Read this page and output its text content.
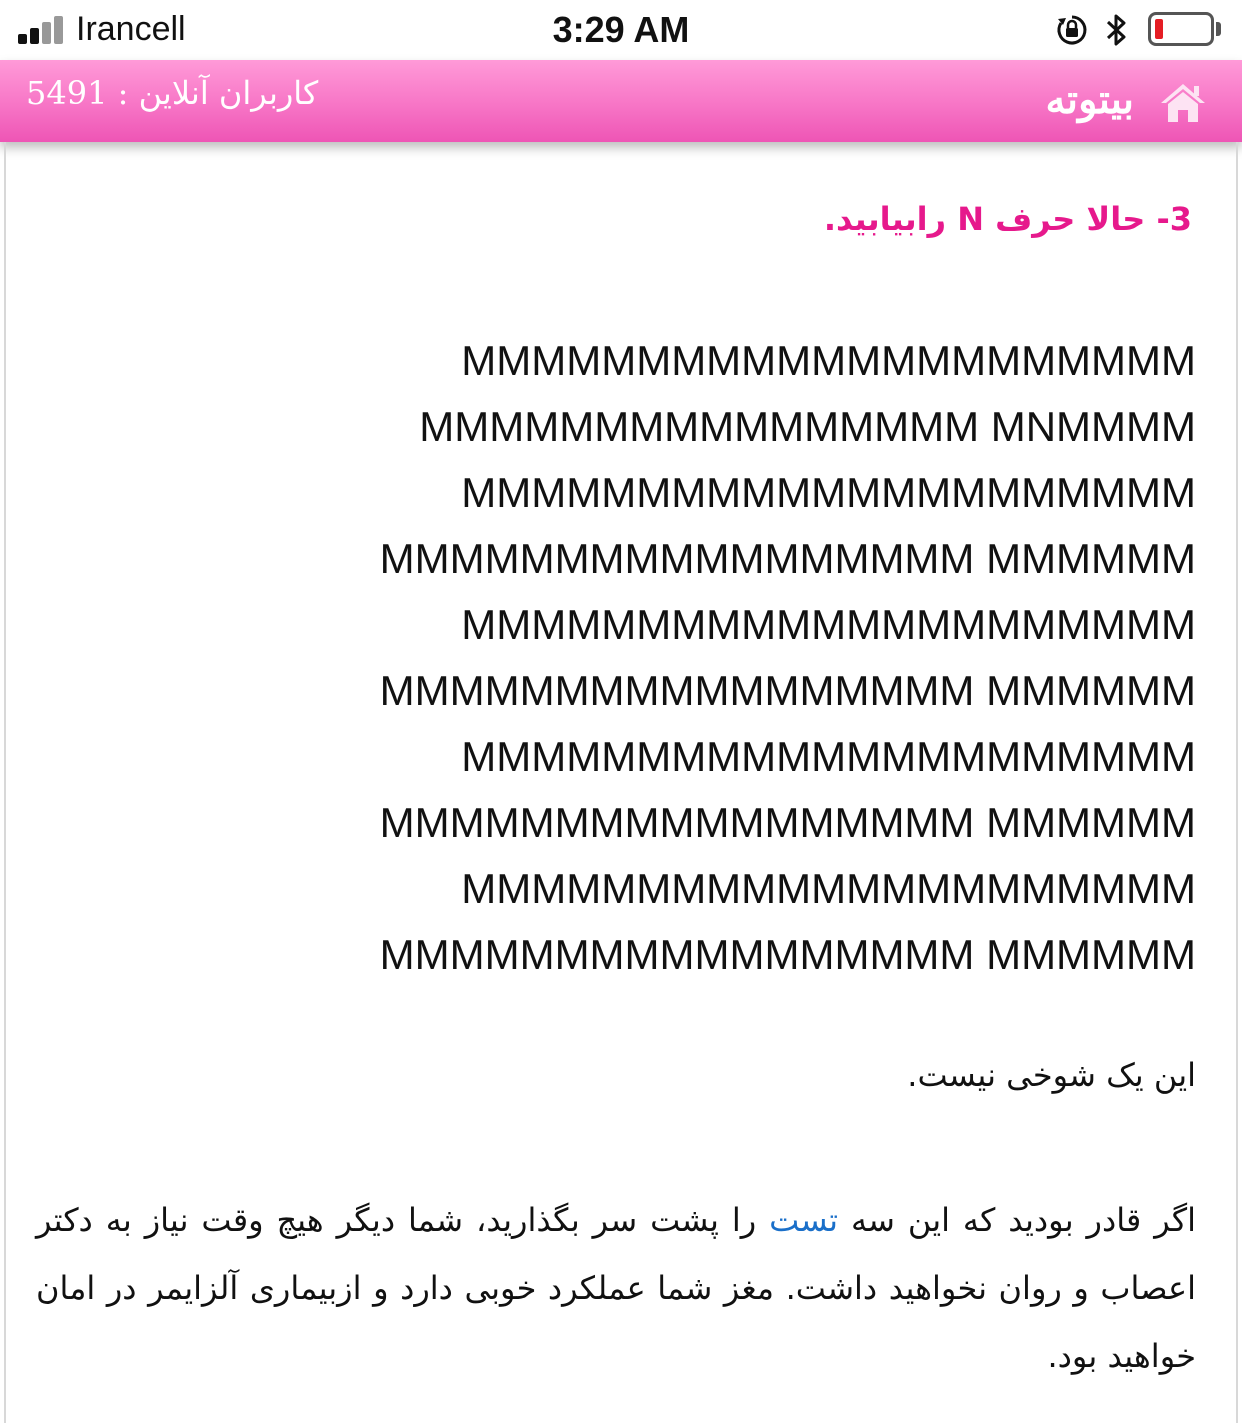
Irancell	3:29 AM
کاربران آنلاین : 5491	بیتوته
3- حالا حرف N رابیابید.
MMMMMMMMMMMMMMMMMMMMM
MMMMMMMMMMMMMMMM MNMMMM
MMMMMMMMMMMMMMMMMMMMM
MMMMMMMMMMMMMMMMM MMMMMM
MMMMMMMMMMMMMMMMMMMMM
MMMMMMMMMMMMMMMMM MMMMMM
MMMMMMMMMMMMMMMMMMMMM
MMMMMMMMMMMMMMMMM MMMMMM
MMMMMMMMMMMMMMMMMMMMM
MMMMMMMMMMMMMMMMM MMMMMM
این یک شوخی نیست.
اگر قادر بودید که این سه تست را پشت سر بگذارید، شما دیگر هیچ وقت نیاز به دکتر اعصاب و روان نخواهید داشت. مغز شما عملکرد خوبی دارد و ازبیماری آلزایمر در امان خواهید بود.
